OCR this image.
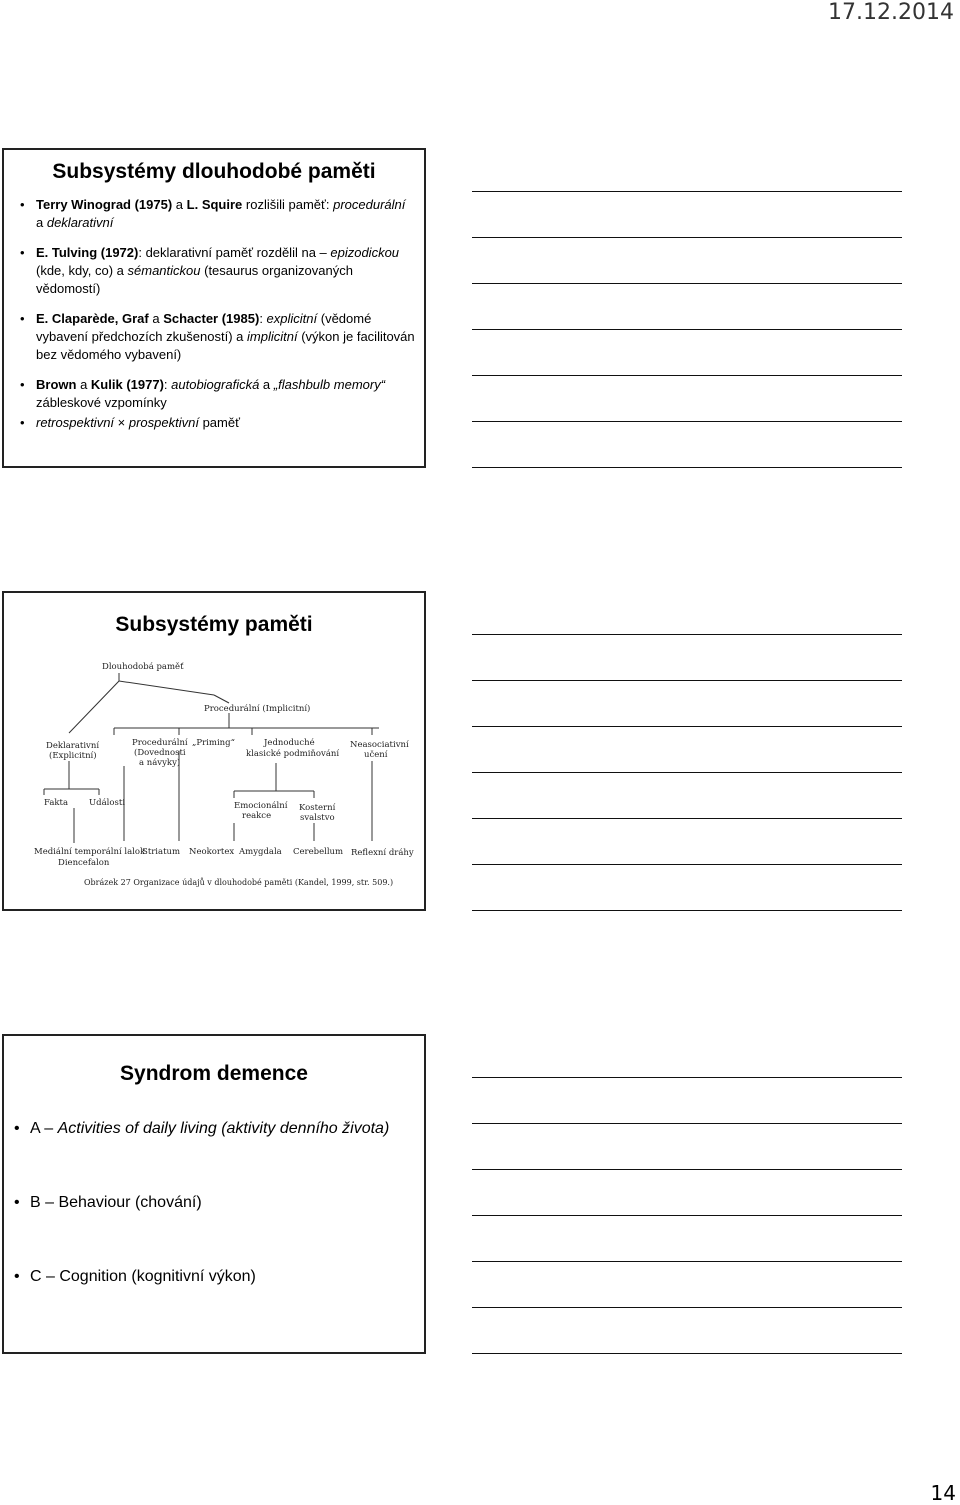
17.12.2014
Subsystémy dlouhodobé paměti
• Terry Winograd (1975) a L. Squire rozlišili paměť: procedurální a deklarativní
• E. Tulving (1972): deklarativní paměť rozdělil na – epizodickou (kde, kdy, co) a sémantickou (tesaurus organizovaných vědomostí)
• E. Claparède, Graf a Schacter (1985): explicitní (vědomé vybavení předchozích zkušeností) a implicitní (výkon je facilitován bez vědomého vybavení)
• Brown a Kulik (1977): autobiografická a „flashbulb memory“ zábleskové vzpomínky
• retrospektivní × prospektivní paměť
Subsystémy paměti
Dlouhodobá paměť
Procedurální (Implicitní)
Deklarativní
(Explicitní)
Procedurální
(Dovednosti
a návyky)
„Priming“	Jednoduché
klasické podmiňování
Neasociativní
učení
Fakta Události	Emocionální
reakce
Kosterní
svalstvo
Mediální temporální lalok
Diencefalon
Striatum Neokortex Amygdala Cerebellum Reflexní dráhy
Obrázek 27 Organizace údajů v dlouhodobé paměti (Kandel, 1999, str. 509.)
Syndrom demence
• A – Activities of daily living (aktivity denního života)
• B – Behaviour (chování)
• C – Cognition (kognitivní výkon)
14
